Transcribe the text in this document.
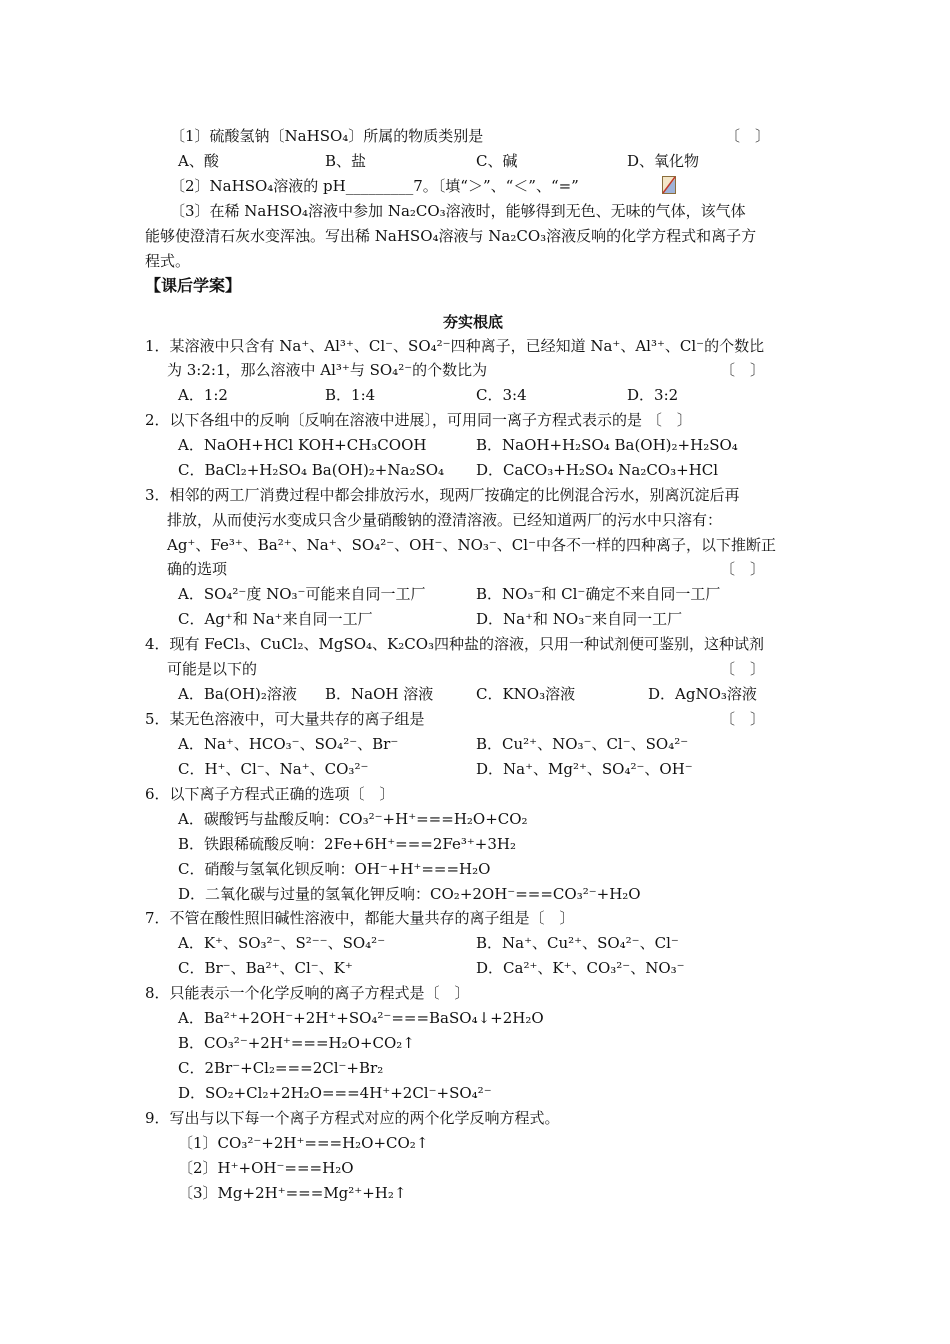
〔1〕硫酸氢钠〔NaHSO₄〕所属的物质类别是	〔　〕
A、酸	B、盐	C、碱	D、氧化物
〔2〕NaHSO₄溶液的 pH_________7。〔填“＞”、“＜”、“=”
〔3〕在稀 NaHSO₄溶液中参加 Na₂CO₃溶液时，能够得到无色、无味的气体，该气体
能够使澄清石灰水变浑浊。写出稀 NaHSO₄溶液与 Na₂CO₃溶液反响的化学方程式和离子方
程式。
【课后学案】
夯实根底
1．某溶液中只含有 Na⁺、Al³⁺、Cl⁻、SO₄²⁻四种离子，已经知道 Na⁺、Al³⁺、Cl⁻的个数比
为 3:2:1，那么溶液中 Al³⁺与 SO₄²⁻的个数比为	〔　〕
A．1:2	B．1:4	C．3:4	D．3:2
2．以下各组中的反响〔反响在溶液中进展〕，可用同一离子方程式表示的是 〔　〕
A．NaOH+HCl KOH+CH₃COOH	B．NaOH+H₂SO₄ Ba(OH)₂+H₂SO₄
C．BaCl₂+H₂SO₄ Ba(OH)₂+Na₂SO₄ D．CaCO₃+H₂SO₄ Na₂CO₃+HCl
3．相邻的两工厂消费过程中都会排放污水，现两厂按确定的比例混合污水，别离沉淀后再
排放，从而使污水变成只含少量硝酸钠的澄清溶液。已经知道两厂的污水中只溶有：
Ag⁺、Fe³⁺、Ba²⁺、Na⁺、SO₄²⁻、OH⁻、NO₃⁻、Cl⁻中各不一样的四种离子，以下推断正
确的选项	〔　〕
A．SO₄²⁻度 NO₃⁻可能来自同一工厂	B．NO₃⁻和 Cl⁻确定不来自同一工厂
C．Ag⁺和 Na⁺来自同一工厂	D．Na⁺和 NO₃⁻来自同一工厂
4．现有 FeCl₃、CuCl₂、MgSO₄、K₂CO₃四种盐的溶液，只用一种试剂便可鉴别，这种试剂
可能是以下的	〔　〕
A．Ba(OH)₂溶液 B．NaOH 溶液	C．KNO₃溶液	D．AgNO₃溶液
5．某无色溶液中，可大量共存的离子组是	〔　〕
A．Na⁺、HCO₃⁻、SO₄²⁻、Br⁻	B．Cu²⁺、NO₃⁻、Cl⁻、SO₄²⁻
C．H⁺、Cl⁻、Na⁺、CO₃²⁻	D．Na⁺、Mg²⁺、SO₄²⁻、OH⁻
6．以下离子方程式正确的选项〔　〕
A．碳酸钙与盐酸反响：CO₃²⁻+H⁺===H₂O+CO₂
B．铁跟稀硫酸反响：2Fe+6H⁺===2Fe³⁺+3H₂
C．硝酸与氢氧化钡反响：OH⁻+H⁺===H₂O
D．二氧化碳与过量的氢氧化钾反响：CO₂+2OH⁻===CO₃²⁻+H₂O
7．不管在酸性照旧碱性溶液中，都能大量共存的离子组是〔　〕
A．K⁺、SO₃²⁻、S²⁻⁻、SO₄²⁻	B．Na⁺、Cu²⁺、SO₄²⁻、Cl⁻
C．Br⁻、Ba²⁺、Cl⁻、K⁺	D．Ca²⁺、K⁺、CO₃²⁻、NO₃⁻
8．只能表示一个化学反响的离子方程式是〔　〕
A．Ba²⁺+2OH⁻+2H⁺+SO₄²⁻===BaSO₄↓+2H₂O
B．CO₃²⁻+2H⁺===H₂O+CO₂↑
C．2Br⁻+Cl₂===2Cl⁻+Br₂
D．SO₂+Cl₂+2H₂O===4H⁺+2Cl⁻+SO₄²⁻
9．写出与以下每一个离子方程式对应的两个化学反响方程式。
〔1〕CO₃²⁻+2H⁺===H₂O+CO₂↑
〔2〕H⁺+OH⁻===H₂O
〔3〕Mg+2H⁺===Mg²⁺+H₂↑
